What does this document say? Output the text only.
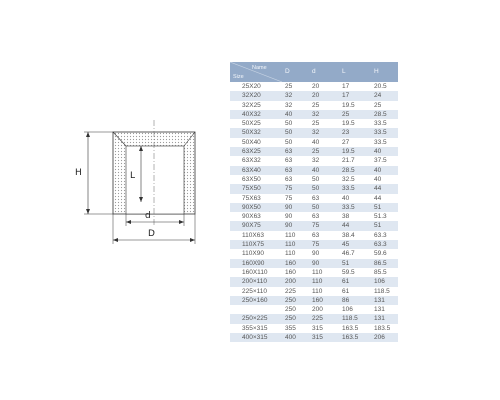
H	L
d
D
Name
Size	D	d	L	H
25X20	25	20	17	20.5
32X20	32	20	17	24
32X25	32	25	19.5	25
40X32	40	32	25	28.5
50X25	50	25	19.5	33.5
50X32	50	32	23	33.5
50X40	50	40	27	33.5
63X25	63	25	19.5	40
63X32	63	32	21.7	37.5
63X40	63	40	28.5	40
63X50	63	50	32.5	40
75X50	75	50	33.5	44
75X63	75	63	40	44
90X50	90	50	33.5	51
90X63	90	63	38	51.3
90X75	90	75	44	51
110X63	110	63	38.4	63.3
110X75	110	75	45	63.3
110X90	110	90	46.7	59.6
160X90	160	90	51	86.5
160X110	160	110	59.5	85.5
200×110	200	110	61	106
225×110	225	110	61	118.5
250×160	250	160	86	131
	250	200	106	131
250×225	250	225	118.5	131
355×315	355	315	163.5	183.5
400×315	400	315	163.5	206
